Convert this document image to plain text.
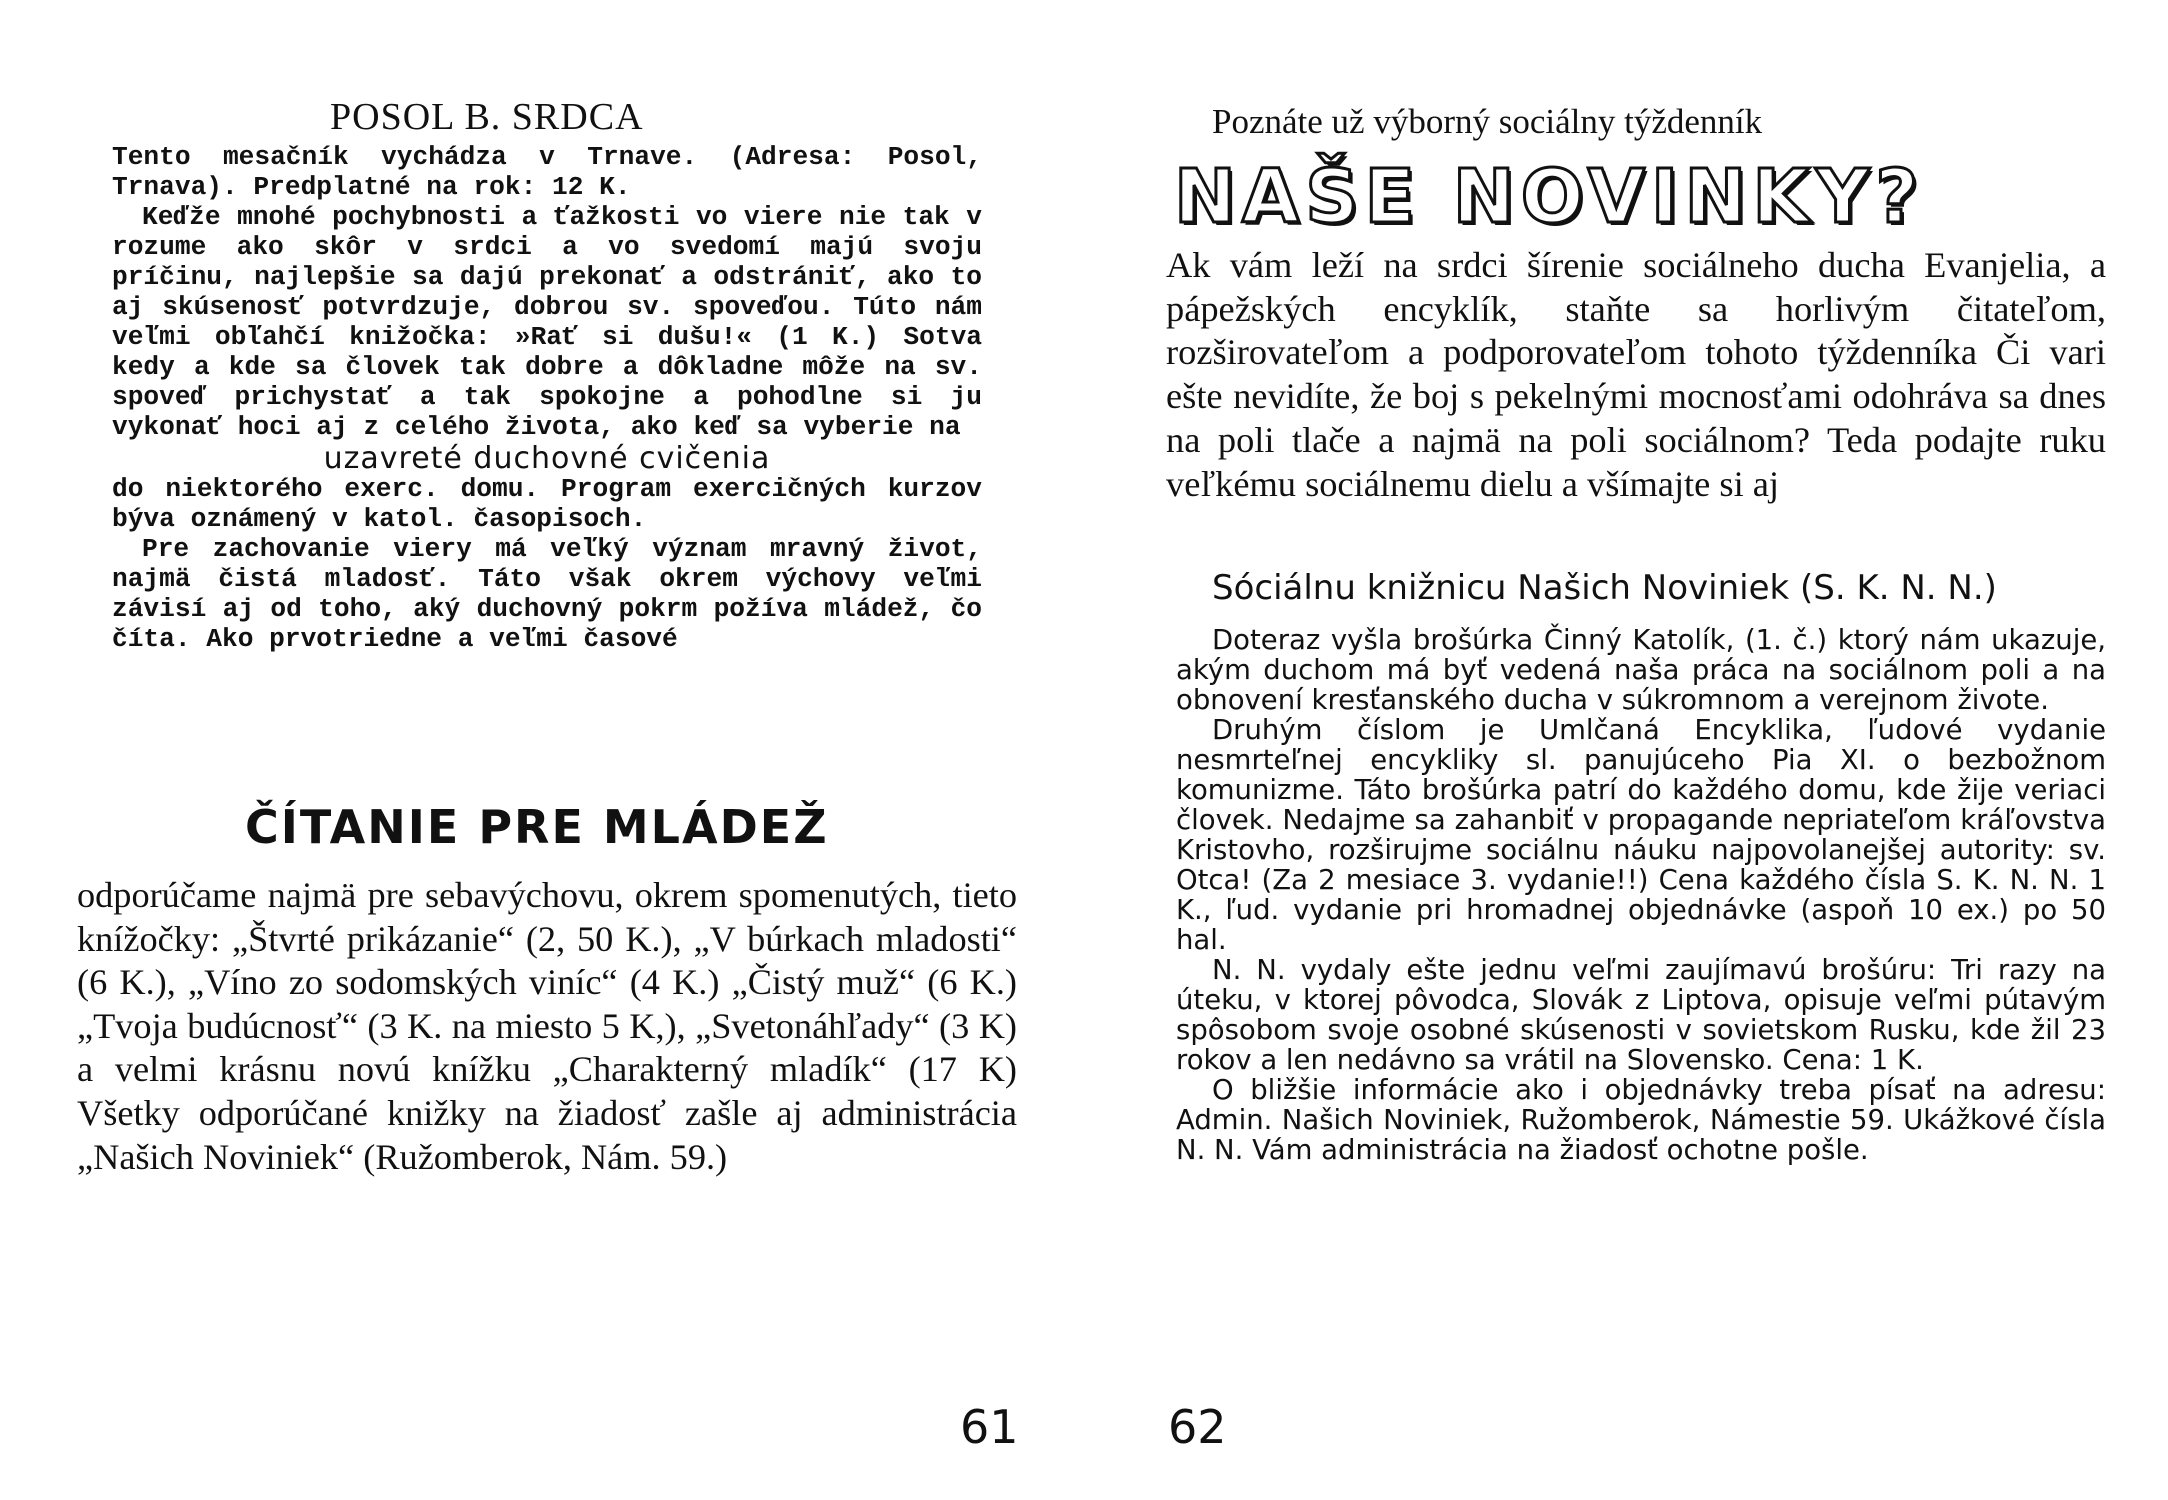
POSOL B. SRDCA

Tento mesačník vychádza v Trnave. (Adresa: Posol, Trnava). Predplatné na rok: 12 K.

Keďže mnohé pochybnosti a ťažkosti vo viere nie tak v rozume ako skôr v srdci a vo svedomí majú svoju príčinu, najlepšie sa dajú prekonať a odstrániť, ako to aj skúsenosť potvrdzuje, dobrou sv. spoveďou. Túto nám veľmi obľahčí knižočka: »Rať si dušu!« (1 K.) Sotva kedy a kde sa človek tak dobre a dôkladne môže na sv. spoveď prichystať a tak spokojne a pohodlne si ju vykonať hoci aj z celého života, ako keď sa vyberie na

uzavreté duchovné cvičenia

do niektorého exerc. domu. Program exercičných kurzov býva oznámený v katol. časopisoch.

Pre zachovanie viery má veľký význam mravný život, najmä čistá mladosť. Táto však okrem výchovy veľmi závisí aj od toho, aký duchovný pokrm požíva mládež, čo číta. Ako prvotriedne a veľmi časové

ČÍTANIE PRE MLÁDEŽ

odporúčame najmä pre sebavýchovu, okrem spomenutých, tieto knížočky: „Štvrté prikázanie“ (2, 50 K.), „V búrkach mladosti“ (6 K.), „Víno zo sodomských viníc“ (4 K.) „Čistý muž“ (6 K.) „Tvoja budúcnosť“ (3 K. na miesto 5 K,), „Svetonáhľady“ (3 K) a velmi krásnu novú knížku „Charakterný mladík“ (17 K) Všetky odporúčané knižky na žiadosť zašle aj administrácia „Našich Noviniek“ (Ružomberok, Nám. 59.)

61
Poznáte už výborný sociálny týždenník
NAŠE NOVINKY?

Ak vám leží na srdci šírenie sociálneho ducha Evanjelia, a pápežských encyklík, staňte sa horlivým čitateľom, rozširovateľom a podporovateľom tohoto týždenníka Či vari ešte nevidíte, že boj s pekelnými mocnosťami odohráva sa dnes na poli tlače a najmä na poli sociálnom? Teda podajte ruku veľkému sociálnemu dielu a všímajte si aj

Sóciálnu knižnicu Našich Noviniek (S. K. N. N.)

Doteraz vyšla brošúrka Činný Katolík, (1. č.) ktorý nám ukazuje, akým duchom má byť vedená naša práca na sociálnom poli a na obnovení kresťanského ducha v súkromnom a verejnom živote.

Druhým číslom je Umlčaná Encyklika, ľudové vydanie nesmrteľnej encykliky sl. panujúceho Pia XI. o bezbožnom komunizme. Táto brošúrka patrí do každého domu, kde žije veriaci človek. Nedajme sa zahanbiť v propagande nepriateľom kráľovstva Kristovho, rozširujme sociálnu náuku najpovolanejšej autority: sv. Otca! (Za 2 mesiace 3. vydanie!!) Cena každého čísla S. K. N. N. 1 K., ľud. vydanie pri hromadnej objednávke (aspoň 10 ex.) po 50 hal.

N. N. vydaly ešte jednu veľmi zaujímavú brošúru: Tri razy na úteku, v ktorej pôvodca, Slovák z Liptova, opisuje veľmi pútavým spôsobom svoje osobné skúsenosti v sovietskom Rusku, kde žil 23 rokov a len nedávno sa vrátil na Slovensko. Cena: 1 K.

O bližšie informácie ako i objednávky treba písať na adresu: Admin. Našich Noviniek, Ružomberok, Námestie 59. Ukážkové čísla N. N. Vám administrácia na žiadosť ochotne pošle.

62
